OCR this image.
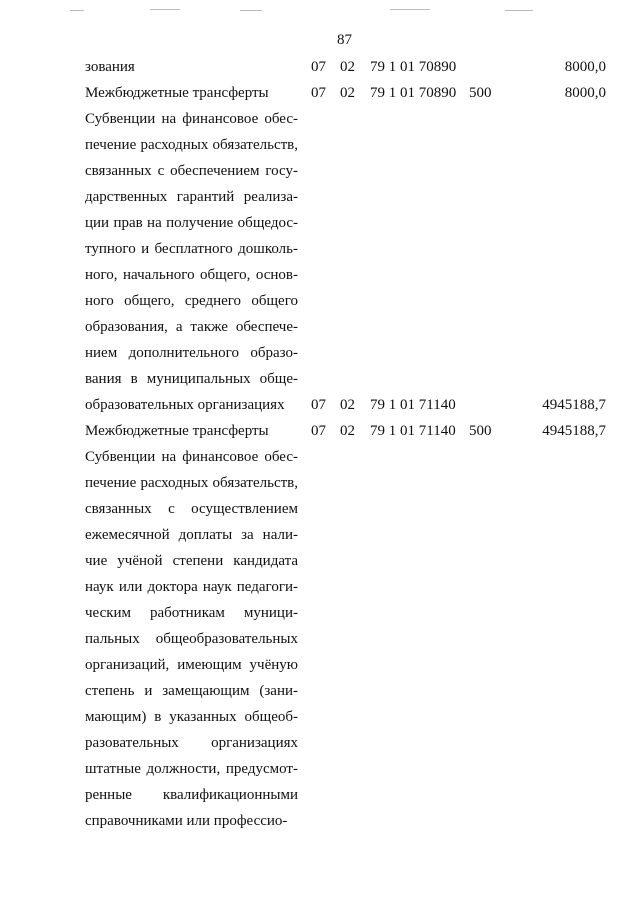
87
зования	07 02 79 1 01 70890	8000,0
Межбюджетные трансферты	07 02 79 1 01 70890 500	8000,0
Субвенции на финансовое обес-
печение расходных обязательств,
связанных с обеспечением госу-
дарственных гарантий реализа-
ции прав на получение общедос-
тупного и бесплатного дошколь-
ного, начального общего, основ-
ного общего, среднего общего
образования, а также обеспече-
нием дополнительного образо-
вания в муниципальных обще-
образовательных организациях	07 02 79 1 01 71140	4945188,7
Межбюджетные трансферты	07 02 79 1 01 71140 500	4945188,7
Субвенции на финансовое обес-
печение расходных обязательств,
связанных с осуществлением
ежемесячной доплаты за нали-
чие учёной степени кандидата
наук или доктора наук педагоги-
ческим работникам муници-
пальных общеобразовательных
организаций, имеющим учёную
степень и замещающим (зани-
мающим) в указанных общеоб-
разовательных организациях
штатные должности, предусмот-
ренные квалификационными
справочниками или профессио-
